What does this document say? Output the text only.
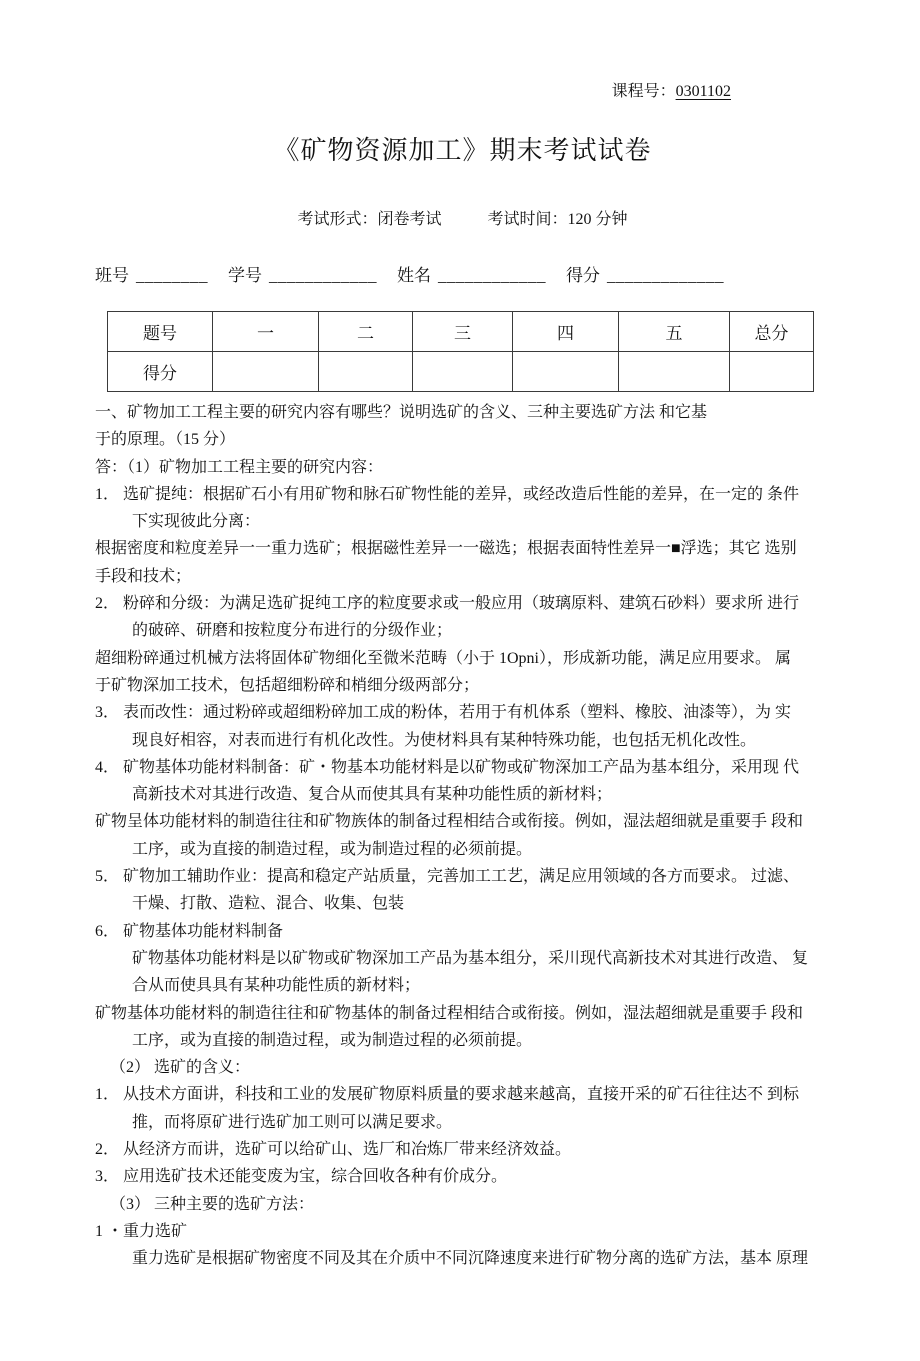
课程号：0301102
《矿物资源加工》期末考试试卷
考试形式：闭卷考试	考试时间：120 分钟
班号 ________ 学号 ____________ 姓名 ____________ 得分 _____________
题号	一	二	三	四	五	总分
得分						
一、矿物加工工程主要的研究内容有哪些？说明选矿的含义、三种主要选矿方法 和它基
于的原理。（15 分）
答：（1）矿物加工工程主要的研究内容：
1． 选矿提纯：根据矿石小有用矿物和脉石矿物性能的差异，或经改造后性能的差异，在一定的 条件
下实现彼此分离：
根据密度和粒度差异一一重力选矿；根据磁性差异一一磁选；根据表面特性差异一■浮选；其它 选别
手段和技术；
2． 粉碎和分级：为满足选矿捉纯工序的粒度要求或一般应用（玻璃原料、建筑石砂料）要求所 进行
的破碎、研磨和按粒度分布进行的分级作业；
超细粉碎通过机械方法将固体矿物细化至微米范畴（小于 1Opni），形成新功能，满足应用要求。 属
于矿物深加工技术，包括超细粉碎和梢细分级两部分；
3． 表而改性：通过粉碎或超细粉碎加工成的粉体，若用于有机体系（塑料、橡胶、油漆等），为 实
现良好相容，对表而进行有机化改性。为使材料具有某种特殊功能，也包括无机化改性。
4． 矿物基体功能材料制备：矿・物基本功能材料是以矿物或矿物深加工产品为基本组分，采用现 代
高新技术对其进行改造、复合从而使其具有某种功能性质的新材料；
矿物呈体功能材料的制造往往和矿物族体的制备过程相结合或衔接。例如，湿法超细就是重要手 段和
工序，或为直接的制造过程，或为制造过程的必须前提。
5． 矿物加工辅助作业：提高和稳定产站质量，完善加工工艺，满足应用领域的各方而要求。 过滤、
干燥、打散、造粒、混合、收集、包装
6． 矿物基体功能材料制备
矿物基体功能材料是以矿物或矿物深加工产品为基本组分，采川现代高新技术对其进行改造、 复
合从而使具具有某种功能性质的新材料；
矿物基体功能材料的制造往往和矿物基体的制备过程相结合或衔接。例如，湿法超细就是重要手 段和
工序，或为直接的制造过程，或为制造过程的必须前提。
（2） 选矿的含义：
1． 从技术方面讲，科技和工业的发展矿物原料质量的要求越来越高，直接开采的矿石往往达不 到标
推，而将原矿进行选矿加工则可以满足要求。
2． 从经济方而讲，选矿可以给矿山、选厂和冶炼厂带来经济效益。
3． 应用选矿技术还能变废为宝，综合回收各种有价成分。
（3） 三种主要的选矿方法：
1 ・重力选矿
重力选矿是根据矿物密度不同及其在介质中不同沉降速度来进行矿物分离的选矿方法，基本 原理
